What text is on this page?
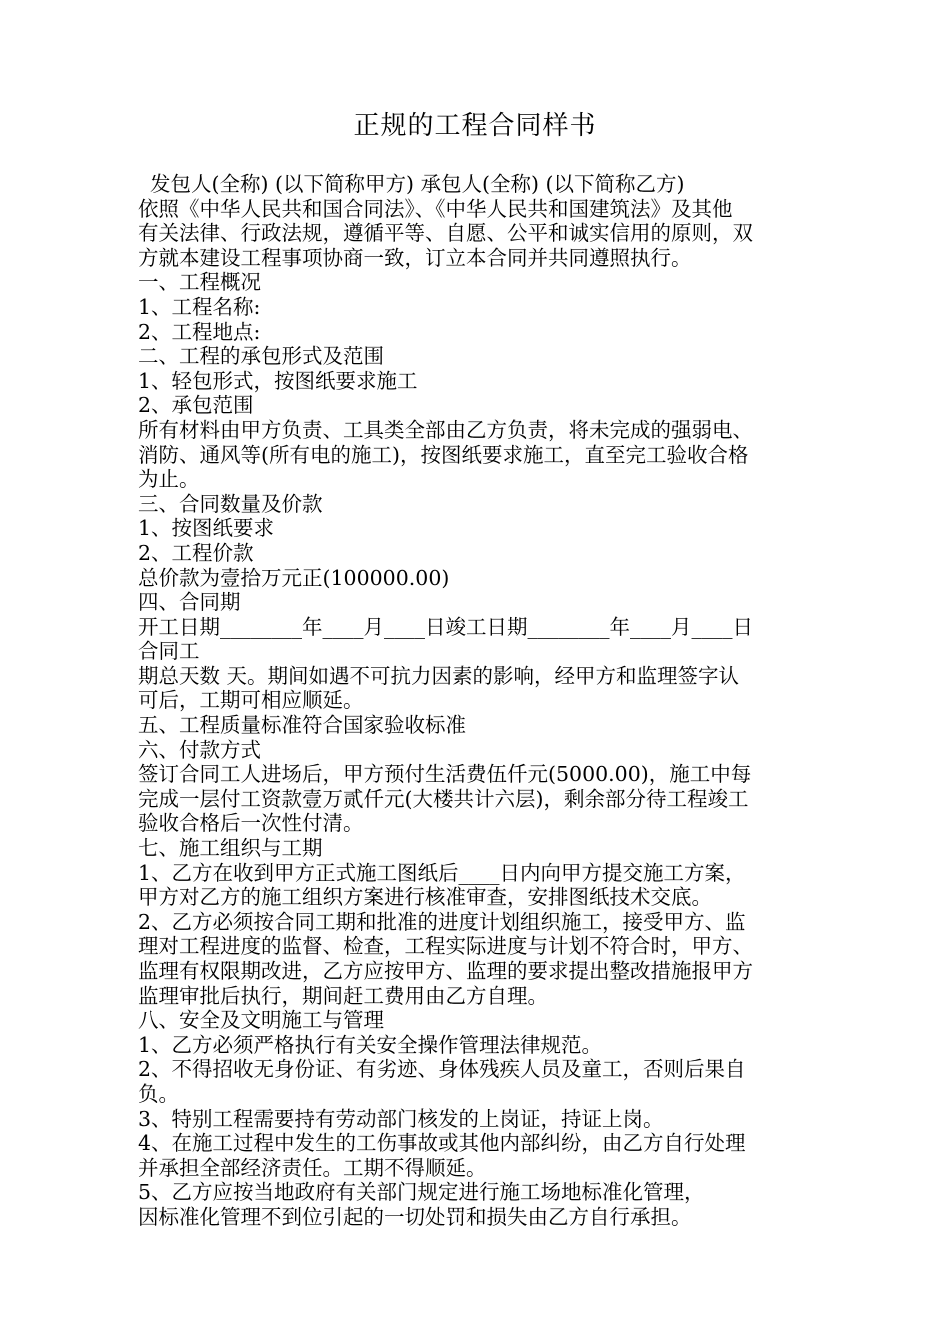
正规的工程合同样书
发包人(全称) (以下简称甲方) 承包人(全称) (以下简称乙方)
依照《中华人民共和国合同法》、《中华人民共和国建筑法》及其他
有关法律、行政法规，遵循平等、自愿、公平和诚实信用的原则，双
方就本建设工程事项协商一致，订立本合同并共同遵照执行。
一、工程概况
1、工程名称:
2、工程地点:
二、工程的承包形式及范围
1、轻包形式，按图纸要求施工
2、承包范围
所有材料由甲方负责、工具类全部由乙方负责，将未完成的强弱电、
消防、通风等(所有电的施工)，按图纸要求施工，直至完工验收合格
为止。
三、合同数量及价款
1、按图纸要求
2、工程价款
总价款为壹拾万元正(100000.00)
四、合同期
开工日期________年____月____日竣工日期________年____月____日
合同工
期总天数 天。期间如遇不可抗力因素的影响，经甲方和监理签字认
可后，工期可相应顺延。
五、工程质量标准符合国家验收标准
六、付款方式
签订合同工人进场后，甲方预付生活费伍仟元(5000.00)，施工中每
完成一层付工资款壹万贰仟元(大楼共计六层)，剩余部分待工程竣工
验收合格后一次性付清。
七、施工组织与工期
1、乙方在收到甲方正式施工图纸后____日内向甲方提交施工方案，
甲方对乙方的施工组织方案进行核准审查，安排图纸技术交底。
2、乙方必须按合同工期和批准的进度计划组织施工，接受甲方、监
理对工程进度的监督、检查，工程实际进度与计划不符合时，甲方、
监理有权限期改进，乙方应按甲方、监理的要求提出整改措施报甲方
监理审批后执行，期间赶工费用由乙方自理。
八、安全及文明施工与管理
1、乙方必须严格执行有关安全操作管理法律规范。
2、不得招收无身份证、有劣迹、身体残疾人员及童工，否则后果自
负。
3、特别工程需要持有劳动部门核发的上岗证，持证上岗。
4、在施工过程中发生的工伤事故或其他内部纠纷，由乙方自行处理
并承担全部经济责任。工期不得顺延。
5、乙方应按当地政府有关部门规定进行施工场地标准化管理，
因标准化管理不到位引起的一切处罚和损失由乙方自行承担。
